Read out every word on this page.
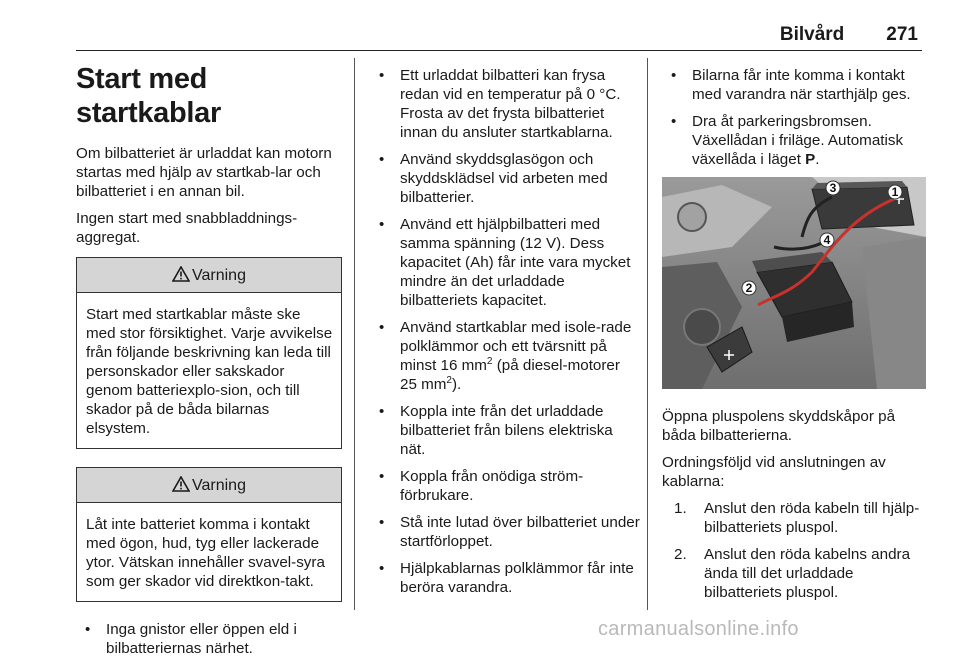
Bilvård 271
Start med startkablar

Om bilbatteriet är urladdat kan motorn startas med hjälp av startkab-lar och bilbatteriet i en annan bil.

Ingen start med snabbladdnings-aggregat.

Varning
Start med startkablar måste ske med stor försiktighet. Varje avvikelse från följande beskrivning kan leda till personskador eller sakskador genom batteriexplo-sion, och till skador på de båda bilarnas elsystem.
Varning
Låt inte batteriet komma i kontakt med ögon, hud, tyg eller lackerade ytor. Vätskan innehåller svavel-syra som ger skador vid direktkon-takt.
• Inga gnistor eller öppen eld i bilbatteriernas närhet.
• Ett urladdat bilbatteri kan frysa redan vid en temperatur på 0 °C. Frosta av det frysta bilbatteriet innan du ansluter startkablarna.
• Använd skyddsglasögon och skyddsklädsel vid arbeten med bilbatterier.
• Använd ett hjälpbilbatteri med samma spänning (12 V). Dess kapacitet (Ah) får inte vara mycket mindre än det urladdade bilbatteriets kapacitet.
• Använd startkablar med isole-rade polklämmor och ett tvärsnitt på minst 16 $mm^2$ (på diesel-motorer 25 $mm^2$).
• Koppla inte från det urladdade bilbatteriet från bilens elektriska nät.
• Koppla från onödiga ström-förbrukare.
• Stå inte lutad över bilbatteriet under startförloppet.
• Hjälpkablarnas polklämmor får inte beröra varandra.
• Bilarna får inte komma i kontakt med varandra när starthjälp ges.
• Dra åt parkeringsbromsen. Växellådan i friläge. Automatisk växellåda i läget P.
1
2
3
4

Öppna pluspolens skyddskåpor på båda bilbatterierna.

Ordningsföljd vid anslutningen av kablarna:

1. Anslut den röda kabeln till hjälp-bilbatteriets pluspol.
2. Anslut den röda kabelns andra ända till det urladdade bilbatteriets pluspol.
carmanualsonline.info
